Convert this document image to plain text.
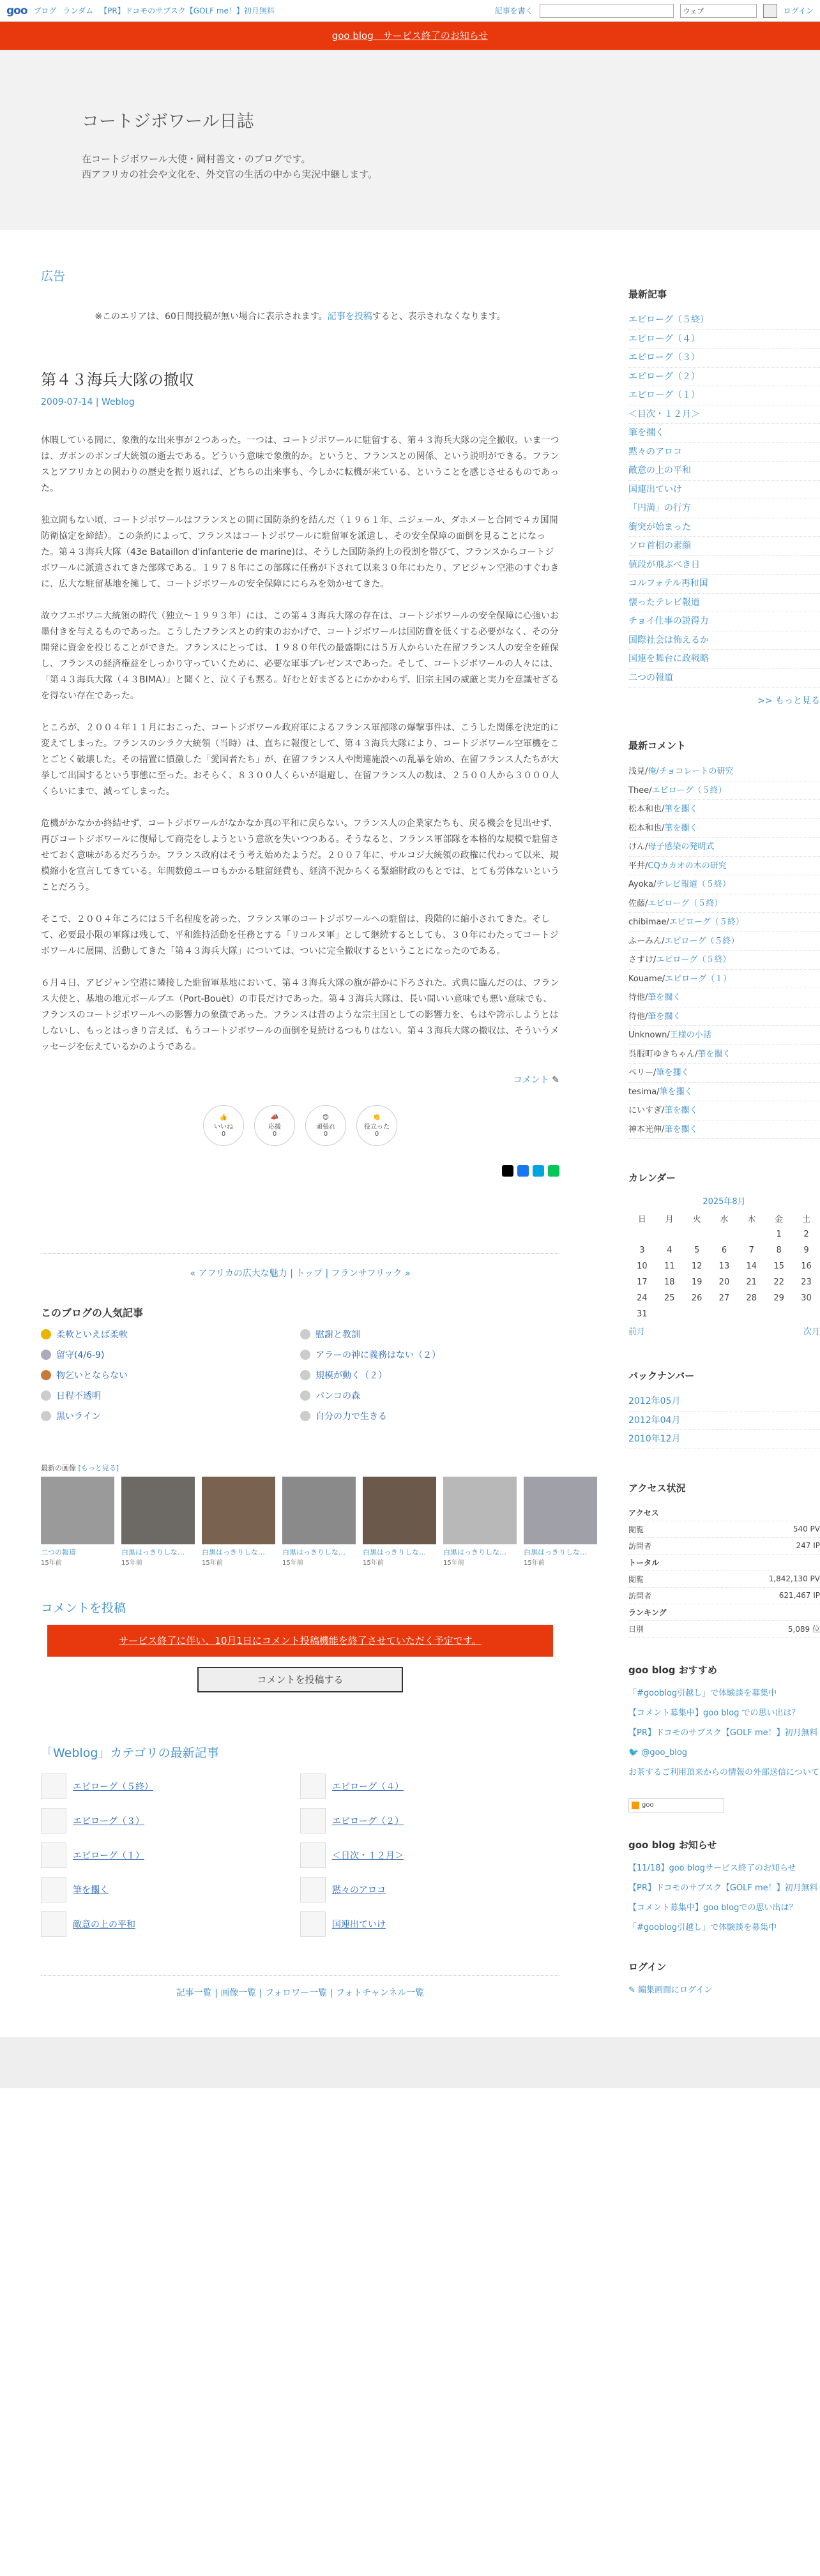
goo ブログ ランダム 【PR】ドコモのサブスク【GOLF me！】初月無料	記事を書く	ウェブ	ログイン
goo blog　サービス終了のお知らせ
コートジボワール日誌

在コートジボワール大使・岡村善文・のブログです。

西アフリカの社会や文化を、外交官の生活の中から実況中継します。

広告
※このエリアは、60日間投稿が無い場合に表示されます。記事を投稿すると、表示されなくなります。
第４３海兵大隊の撤収
2009-07-14 | Weblog

休暇している間に、象徴的な出来事が２つあった。一つは、コートジボワールに駐留する、第４３海兵大隊の完全撤収。いま一つは、ガボンのボンゴ大統領の逝去である。どういう意味で象徴的か。というと、フランスとの関係、という説明ができる。フランスとアフリカとの関わりの歴史を振り返れば、どちらの出来事も、今しかに転機が来ている、ということを感じさせるものであった。

独立間もない頃、コートジボワールはフランスとの間に国防条約を結んだ（１９６１年、ニジェール、ダホメーと合同で４カ国間防衛協定を締結）。この条約によって、フランスはコートジボワールに駐留軍を派遣し、その安全保障の面倒を見ることになった。第４３海兵大隊（43e Bataillon d'infanterie de marine)は、そうした国防条約上の役割を帯びて、フランスからコートジボワールに派遣されてきた部隊である。１９７８年にこの部隊に任務が下されて以来３０年にわたり、アビジャン空港のすぐわきに、広大な駐留基地を擁して、コートジボワールの安全保障ににらみを効かせてきた。

故ウフエボワニ大統領の時代（独立〜１９９３年）には、この第４３海兵大隊の存在は、コートジボワールの安全保障に心強いお墨付きを与えるものであった。こうしたフランスとの約束のおかげで、コートジボワールは国防費を低くする必要がなく、その分開発に資金を投じることができた。フランスにとっては、１９８０年代の最盛期には５万人からいた在留フランス人の安全を確保し、フランスの経済権益をしっかり守っていくために、必要な軍事プレゼンスであった。そして、コートジボワールの人々には、「第４３海兵大隊（４３BIMA）」と聞くと、泣く子も黙る。好むと好まざるとにかかわらず、旧宗主国の威厳と実力を意識せざるを得ない存在であった。

ところが、２００４年１１月におこった、コートジボワール政府軍によるフランス軍部隊の爆撃事件は、こうした関係を決定的に変えてしまった。フランスのシラク大統領（当時）は、直ちに報復として、第４３海兵大隊により、コートジボワール空軍機をことごとく破壊した。その措置に憤激した「愛国者たち」が、在留フランス人や関連施設への乱暴を始め、在留フランス人たちが大挙して出国するという事態に至った。おそらく、８３００人くらいが退避し、在留フランス人の数は、２５００人から３０００人くらいにまで、減ってしまった。

危機がかなかか終結せず、コートジボワールがなかなか真の平和に戻らない。フランス人の企業家たちも、戻る機会を見出せず、再びコートジボワールに復帰して商売をしようという意欲を失いつつある。そうなると、フランス軍部隊を本格的な規模で駐留させておく意味があるだろうか。フランス政府はそう考え始めたようだ。２００７年に、サルコジ大統領の政権に代わって以来、規模縮小を宣言してきている。年間数億ユーロもかかる駐留経費も、経済不況からくる緊縮財政のもとでは、とても労体ないということだろう。

そこで、２００４年ころには５千名程度を誇った、フランス軍のコートジボワールへの駐留は、段階的に縮小されてきた。そして、必要最小限の軍隊は残して、平和維持活動を任務とする「リコルヌ軍」として継続するとしても、３０年にわたってコートジボワールに展開、活動してきた「第４３海兵大隊」については、ついに完全撤収するということになったのである。

６月４日、アビジャン空港に隣接した駐留軍基地において、第４３海兵大隊の旗が静かに下ろされた。式典に臨んだのは、フランス大使と、基地の地元ポールブエ（Port-Bouët）の市長だけであった。第４３海兵大隊は、長い間いい意味でも悪い意味でも、フランスのコートジボワールへの影響力の象徴であった。フランスは昔のような宗主国としての影響力を、もはや誇示しようとはしないし、もっとはっきり言えば、もうコートジボワールの面倒を見続けるつもりはない。第４３海兵大隊の撤収は、そういうメッセージを伝えているかのようである。

コメント ✎
👍
いいね
0
📣
応援
0
😊
頑張れ
0
👏
役立った
0
« アフリカの広大な魅力 | トップ | フランサフリック »
このブログの人気記事
柔軟といえば柔軟	慰謝と教訓
留守(4/6-9)	アラーの神に義務はない（２）
物乞いとならない	規模が動く（２）
日程不透明	パンコの森
黒いライン	自分の力で生きる
最新の画像 [もっと見る]
二つの報道
15年前
白黒はっきりしな…
15年前
白黒はっきりしな…
15年前
白黒はっきりしな…
15年前
白黒はっきりしな…
15年前
白黒はっきりしな…
15年前
白黒はっきりしな…
15年前
コメントを投稿
サービス終了に伴い、10月1日にコメント投稿機能を終了させていただく予定です。
コメントを投稿する
「Weblog」カテゴリの最新記事
エピローグ（５終）	エピローグ（４）
エピローグ（３）	エピローグ（２）
エピローグ（１）	＜日次・１２月＞
筆を擱く	黙々のアロコ
敵意の上の平和	国連出ていけ
記事一覧 | 画像一覧 | フォロワー一覧 | フォトチャンネル一覧
最新記事
エピローグ（５終）
エピローグ（４）
エピローグ（３）
エピローグ（２）
エピローグ（１）
＜目次・１２月＞
筆を擱く
黙々のアロコ
敵意の上の平和
国連出ていけ
「円満」の行方
衝突が始まった
ソロ首相の素顔
値段が飛ぶべき日
コルフォテル再和国
懐ったテレビ報道
チョイ仕事の説得力
国際社会は怖えるか
国連を舞台に政戦略
二つの報道
>> もっと見る
最新コメント
浅見/俺/チョコレートの研究
Thee/エピローグ（５終）
松本和也/筆を擱く
松本和也/筆を擱く
けん/母子感染の発明式
平井/CQカカオの木の研究
Ayoka/テレビ報道（５終）
佐藤/エピローグ（５終）
chibimae/エピローグ（５終）
ふーみん/エピローグ（５終）
さすけ/エピローグ（５終）
Kouame/エピローグ（１）
待他/筆を擱く
待他/筆を擱く
Unknown/王様の小話
呉服町ゆきちゃん/筆を擱く
ペリー/筆を擱く
tesima/筆を擱く
にいすぎ/筆を擱く
神本光伸/筆を擱く
カレンダー
2025年8月
日	月	火	水	木	金	土
					1	2
3	4	5	6	7	8	9
10	11	12	13	14	15	16
17	18	19	20	21	22	23
24	25	26	27	28	29	30
31						
前月	次月
バックナンバー
2012年05月
2012年04月
2010年12月
アクセス状況
アクセス
閲覧	540 PV
訪問者	247 IP
トータル
閲覧	1,842,130 PV
訪問者	621,467 IP
ランキング
日別	5,089 位
goo blog おすすめ
「#gooblog引越し」で体験談を募集中
【コメント募集中】goo blog での思い出は？
【PR】ドコモのサブスク【GOLF me！】初月無料
🐦 @goo_blog
お茶するご利用頂来からの情報の外部送信について
goo
goo blog お知らせ
【11/18】goo blogサービス終了のお知らせ
【PR】ドコモのサブスク【GOLF me！】初月無料
【コメント募集中】goo blogでの思い出は？
「#gooblog引越し」で体験談を募集中
ログイン
✎ 編集画面にログイン
